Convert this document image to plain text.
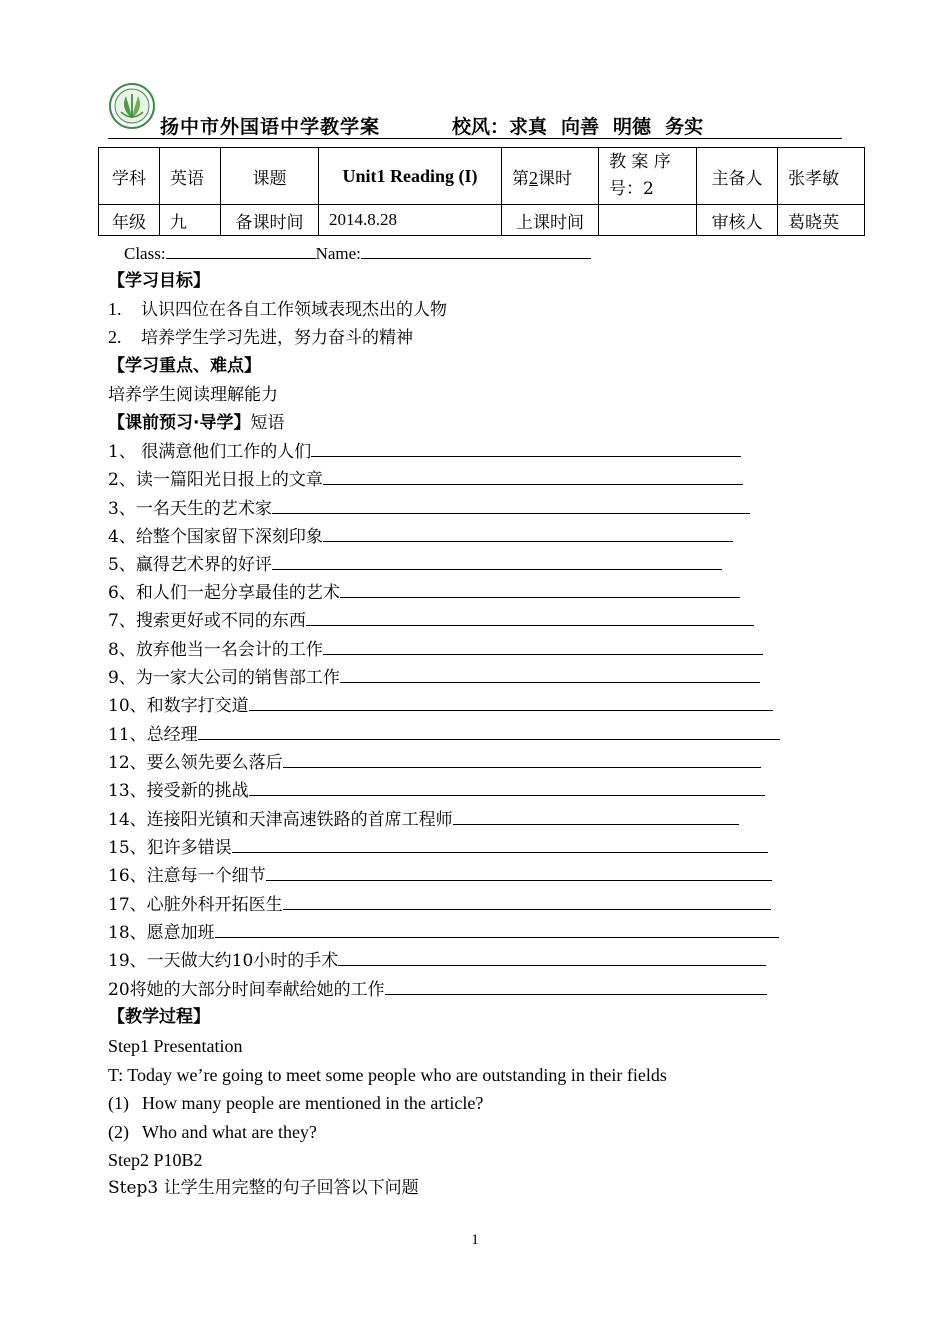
扬中市外国语中学教学案	校风：求真 向善 明德 务实
学科	英语	课题	Unit1 Reading (I)	第2课时	教 案 序号：2	主备人	张孝敏
年级	九	备课时间	2014.8.28	上课时间		审核人	葛晓英
Class:	Name:
【学习目标】
1. 认识四位在各自工作领域表现杰出的人物
2. 培养学生学习先进，努力奋斗的精神
【学习重点、难点】
培养学生阅读理解能力
【课前预习·导学】短语
1、 很满意他们工作的人们
2、读一篇阳光日报上的文章
3、一名天生的艺术家
4、给整个国家留下深刻印象
5、赢得艺术界的好评
6、和人们一起分享最佳的艺术
7、搜索更好或不同的东西
8、放弃他当一名会计的工作
9、为一家大公司的销售部工作
10、和数字打交道
11、总经理
12、要么领先要么落后
13、接受新的挑战
14、连接阳光镇和天津高速铁路的首席工程师
15、犯许多错误
16、注意每一个细节
17、心脏外科开拓医生
18、愿意加班
19、一天做大约10小时的手术
20将她的大部分时间奉献给她的工作
【教学过程】
Step1 Presentation
T: Today we’re going to meet some people who are outstanding in their fields
(1) How many people are mentioned in the article?
(2) Who and what are they?
Step2 P10B2
Step3 让学生用完整的句子回答以下问题
1
